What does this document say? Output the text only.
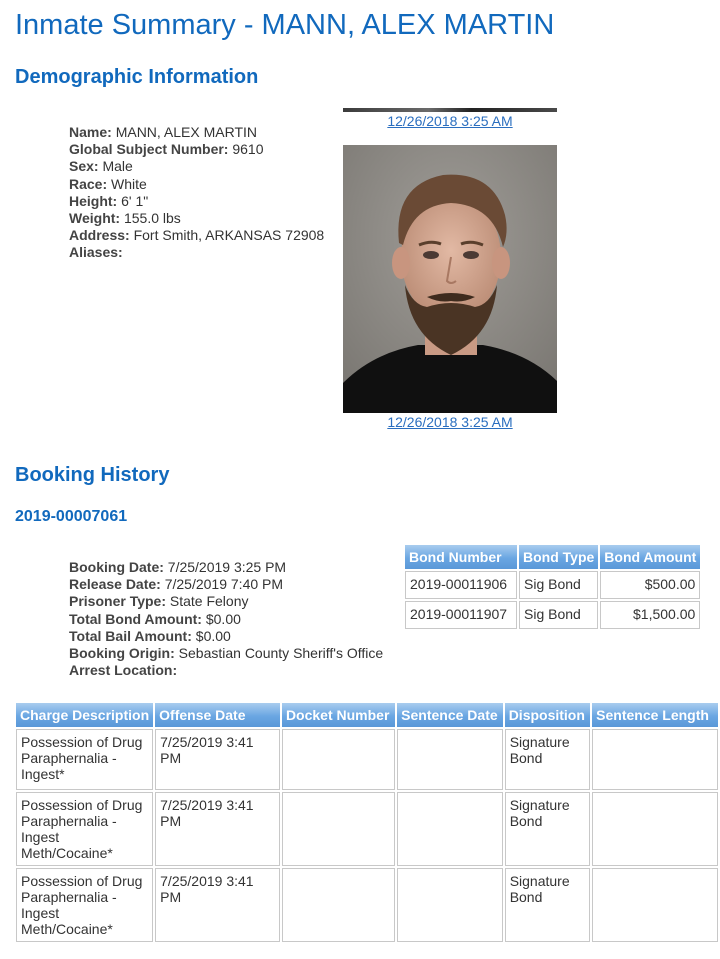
Inmate Summary - MANN, ALEX MARTIN
Demographic Information
Name: MANN, ALEX MARTIN
Global Subject Number: 9610
Sex: Male
Race: White
Height: 6' 1"
Weight: 155.0 lbs
Address: Fort Smith, ARKANSAS 72908
Aliases:
12/26/2018 3:25 AM
12/26/2018 3:25 AM
Booking History
2019-00007061
Booking Date: 7/25/2019 3:25 PM
Release Date: 7/25/2019 7:40 PM
Prisoner Type: State Felony
Total Bond Amount: $0.00
Total Bail Amount: $0.00
Booking Origin: Sebastian County Sheriff's Office
Arrest Location:
Bond Number	Bond Type	Bond Amount
2019-00011906	Sig Bond	$500.00
2019-00011907	Sig Bond	$1,500.00
Charge Description	Offense Date	Docket Number	Sentence Date	Disposition	Sentence Length
Possession of Drug Paraphernalia - Ingest*	7/25/2019 3:41 PM			Signature Bond	
Possession of Drug Paraphernalia - Ingest Meth/Cocaine*	7/25/2019 3:41 PM			Signature Bond	
Possession of Drug Paraphernalia - Ingest Meth/Cocaine*	7/25/2019 3:41 PM			Signature Bond	
